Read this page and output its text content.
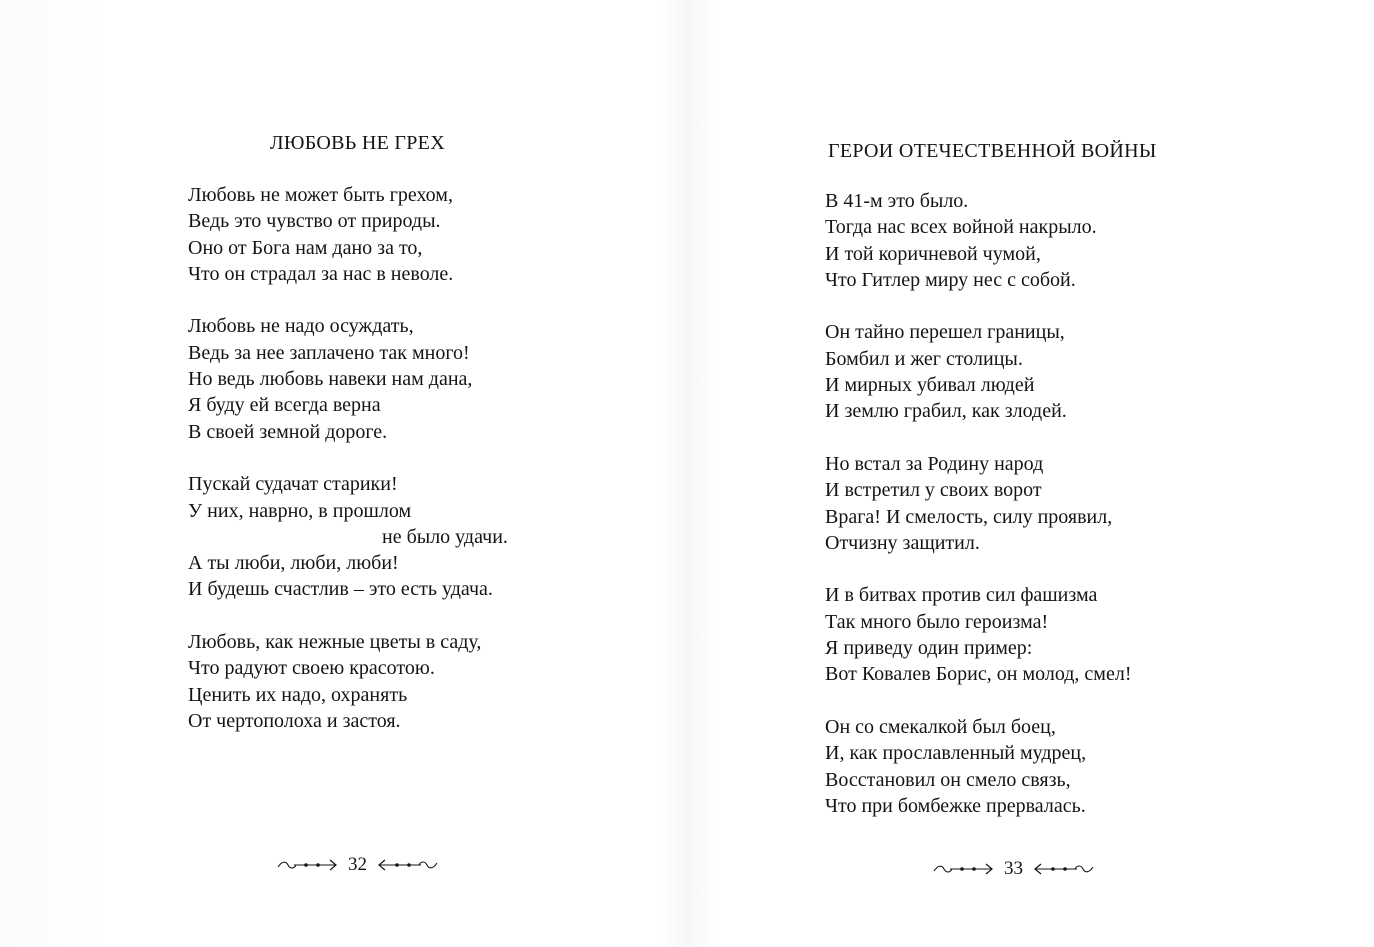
ЛЮБОВЬ НЕ ГРЕХ

Любовь не может быть грехом,
Ведь это чувство от природы.
Оно от Бога нам дано за то,
Что он страдал за нас в неволе.

Любовь не надо осуждать,
Ведь за нее заплачено так много!
Но ведь любовь навеки нам дана,
Я буду ей всегда верна
В своей земной дороге.

Пускай судачат старики!
У них, наврно, в прошлом
не было удачи.
А ты люби, люби, люби!
И будешь счастлив – это есть удача.

Любовь, как нежные цветы в саду,
Что радуют своею красотою.
Ценить их надо, охранять
От чертополоха и застоя.

32
ГЕРОИ ОТЕЧЕСТВЕННОЙ ВОЙНЫ

В 41-м это было.
Тогда нас всех войной накрыло.
И той коричневой чумой,
Что Гитлер миру нес с собой.

Он тайно перешел границы,
Бомбил и жег столицы.
И мирных убивал людей
И землю грабил, как злодей.

Но встал за Родину народ
И встретил у своих ворот
Врага! И смелость, силу проявил,
Отчизну защитил.

И в битвах против сил фашизма
Так много было героизма!
Я приведу один пример:
Вот Ковалев Борис, он молод, смел!

Он со смекалкой был боец,
И, как прославленный мудрец,
Восстановил он смело связь,
Что при бомбежке прервалась.

33
